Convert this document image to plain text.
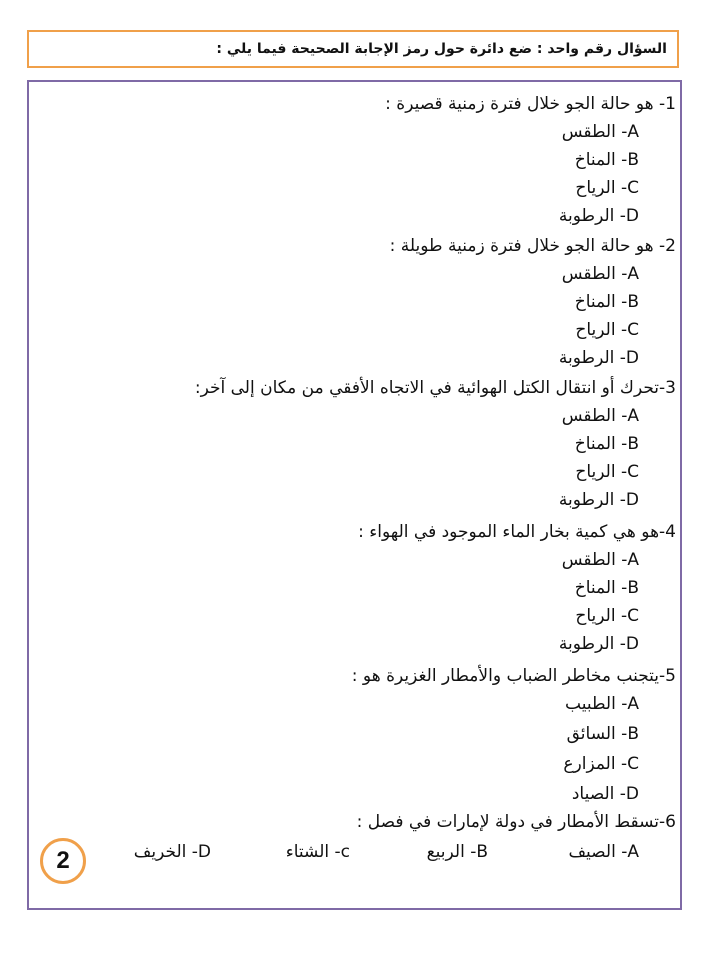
السؤال رقم واحد : ضع دائرة حول رمز الإجابة الصحيحة فيما يلي :
1- هو حالة الجو خلال فترة زمنية قصيرة :
A- الطقس
B- المناخ
C- الرياح
D- الرطوبة
2- هو حالة الجو خلال فترة زمنية طويلة :
A- الطقس
B- المناخ
C- الرياح
D- الرطوبة
3-تحرك أو انتقال الكتل الهوائية في الاتجاه الأفقي من مكان إلى آخر:
A- الطقس
B- المناخ
C- الرياح
D- الرطوبة
4-هو هي كمية بخار الماء الموجود في الهواء :
A- الطقس
B- المناخ
C- الرياح
D- الرطوبة
5-يتجنب مخاطر الضباب والأمطار الغزيرة هو :
A- الطبيب
B- السائق
C- المزارع
D- الصياد
6-تسقط الأمطار في دولة لإمارات في فصل :
A- الصيف
B- الربيع
c- الشتاء
D- الخريف
2
